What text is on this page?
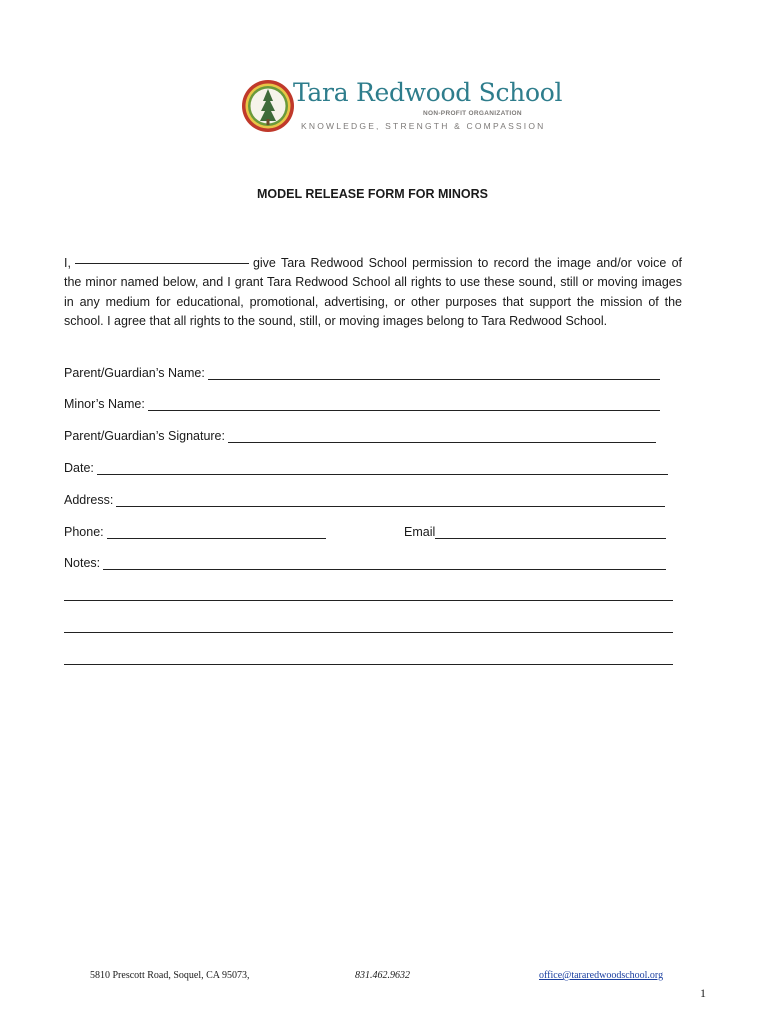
Tara Redwood School
NON-PROFIT ORGANIZATION
KNOWLEDGE, STRENGTH & COMPASSION
MODEL RELEASE FORM FOR MINORS
I,	give Tara Redwood School permission to record the image and/or voice of the minor named below, and I grant Tara Redwood School all rights to use these sound, still or moving images in any medium for educational, promotional, advertising, or other purposes that support the mission of the school. I agree that all rights to the sound, still, or moving images belong to Tara Redwood School.
Parent/Guardian’s Name:
Minor’s Name:
Parent/Guardian’s Signature:
Date:
Address:
Phone:	Email
Notes:
5810 Prescott Road, Soquel, CA 95073,	831.462.9632	office@tararedwoodschool.org
1
